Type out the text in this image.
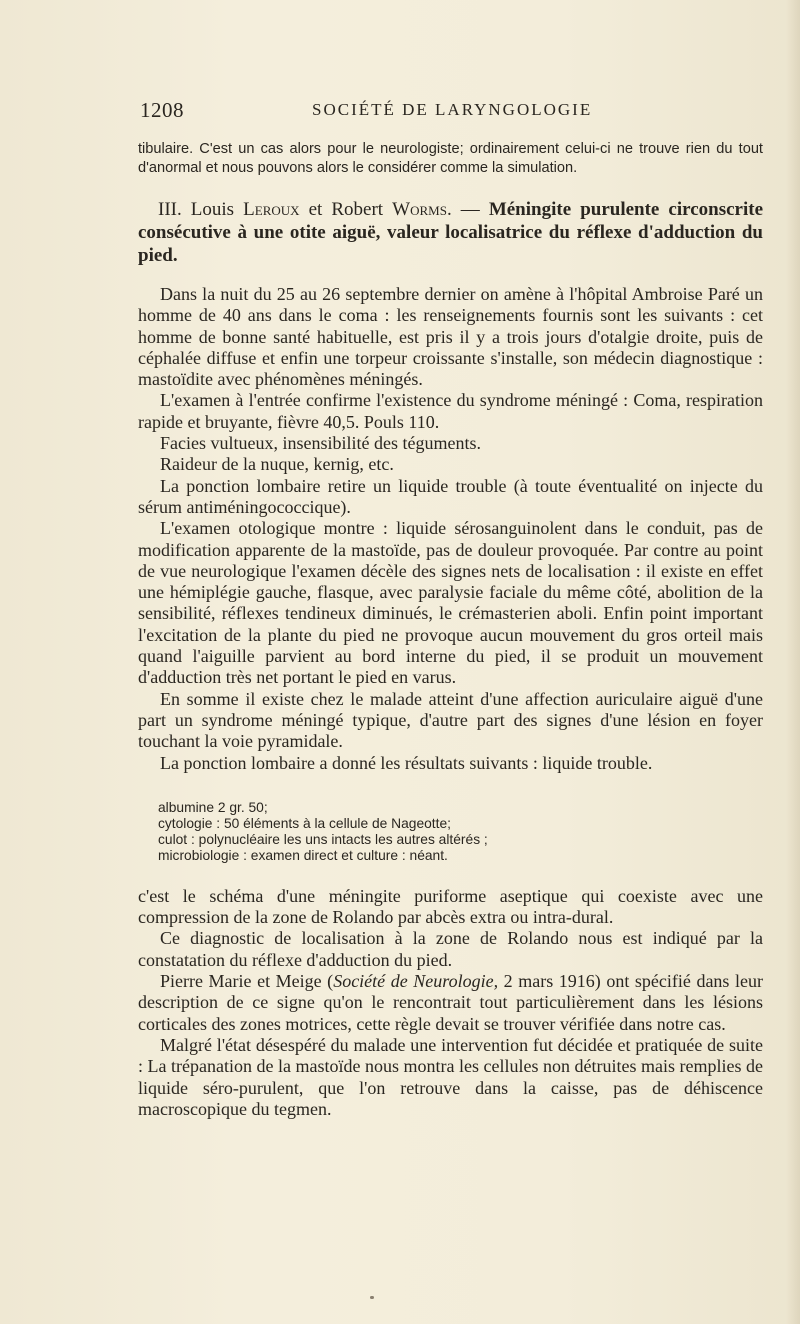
1208	SOCIÉTÉ DE LARYNGOLOGIE
tibulaire. C'est un cas alors pour le neurologiste; ordinairement celui-ci ne trouve rien du tout d'anormal et nous pouvons alors le considérer comme la simulation.
III. Louis Leroux et Robert Worms. — Méningite purulente circonscrite consécutive à une otite aiguë, valeur localisatrice du réflexe d'adduction du pied.

Dans la nuit du 25 au 26 septembre dernier on amène à l'hôpital Ambroise Paré un homme de 40 ans dans le coma : les renseignements fournis sont les suivants : cet homme de bonne santé habituelle, est pris il y a trois jours d'otalgie droite, puis de céphalée diffuse et enfin une torpeur croissante s'installe, son médecin diagnostique : mastoïdite avec phénomènes méningés.

L'examen à l'entrée confirme l'existence du syndrome méningé : Coma, respiration rapide et bruyante, fièvre 40,5. Pouls 110.

Facies vultueux, insensibilité des téguments.

Raideur de la nuque, kernig, etc.

La ponction lombaire retire un liquide trouble (à toute éventualité on injecte du sérum antiméningococcique).

L'examen otologique montre : liquide sérosanguinolent dans le conduit, pas de modification apparente de la mastoïde, pas de douleur provoquée. Par contre au point de vue neurologique l'examen décèle des signes nets de localisation : il existe en effet une hémiplégie gauche, flasque, avec paralysie faciale du même côté, abolition de la sensibilité, réflexes tendineux diminués, le crémasterien aboli. Enfin point important l'excitation de la plante du pied ne provoque aucun mouvement du gros orteil mais quand l'aiguille parvient au bord interne du pied, il se produit un mouvement d'adduction très net portant le pied en varus.

En somme il existe chez le malade atteint d'une affection auriculaire aiguë d'une part un syndrome méningé typique, d'autre part des signes d'une lésion en foyer touchant la voie pyramidale.

La ponction lombaire a donné les résultats suivants : liquide trouble.

albumine 2 gr. 50;
cytologie : 50 éléments à la cellule de Nageotte;
culot : polynucléaire les uns intacts les autres altérés ;
microbiologie : examen direct et culture : néant.

c'est le schéma d'une méningite puriforme aseptique qui coexiste avec une compression de la zone de Rolando par abcès extra ou intra-dural.

Ce diagnostic de localisation à la zone de Rolando nous est indiqué par la constatation du réflexe d'adduction du pied.

Pierre Marie et Meige (Société de Neurologie, 2 mars 1916) ont spécifié dans leur description de ce signe qu'on le rencontrait tout particulièrement dans les lésions corticales des zones motrices, cette règle devait se trouver vérifiée dans notre cas.

Malgré l'état désespéré du malade une intervention fut décidée et pratiquée de suite : La trépanation de la mastoïde nous montra les cellules non détruites mais remplies de liquide séro-purulent, que l'on retrouve dans la caisse, pas de déhiscence macroscopique du tegmen.
